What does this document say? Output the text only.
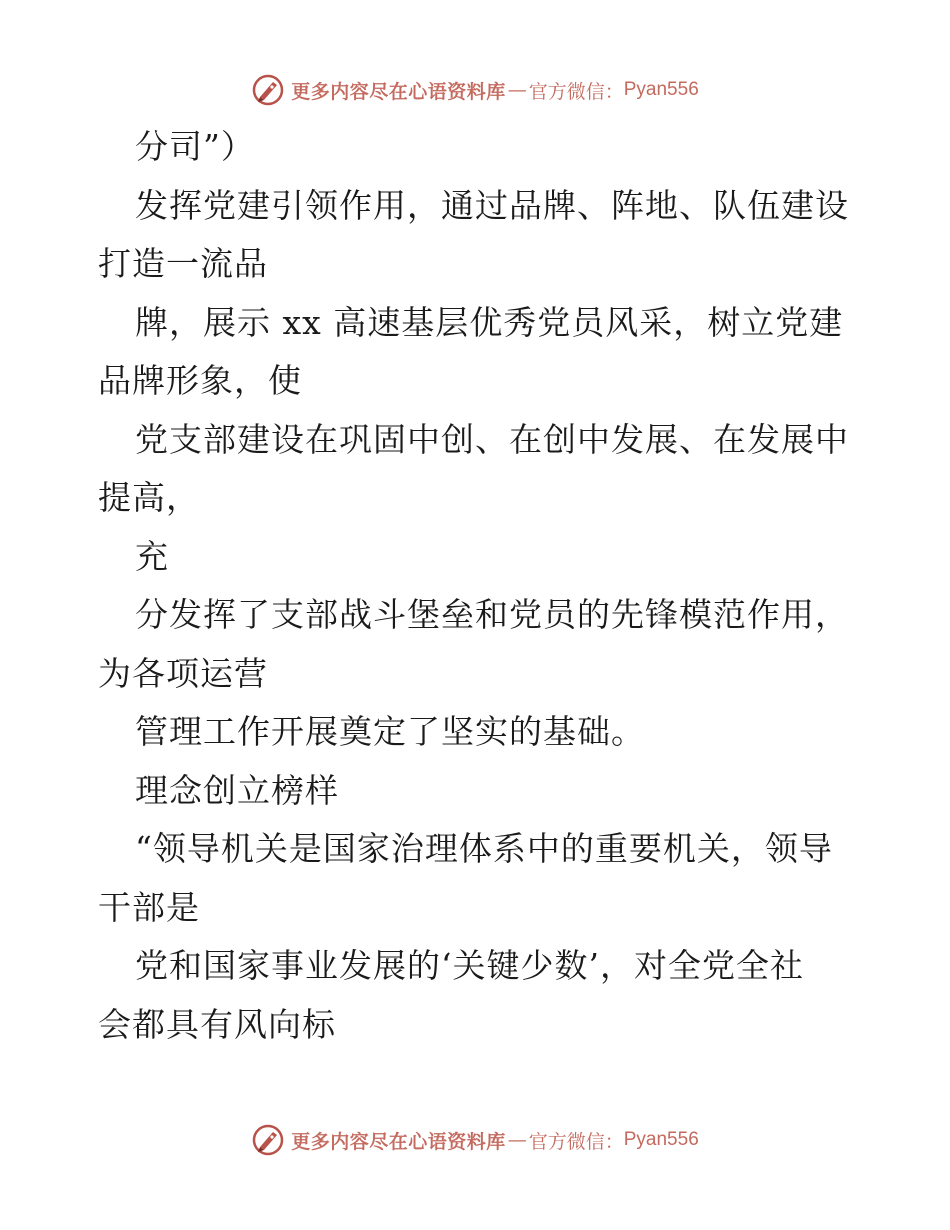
更多内容尽在心语资料库 — 官方微信： Pyan556
分司”）
发挥党建引领作用，通过品牌、阵地、队伍建设
打造一流品
牌，展示 xx 高速基层优秀党员风采，树立党建
品牌形象，使
党支部建设在巩固中创、在创中发展、在发展中
提高，
充
分发挥了支部战斗堡垒和党员的先锋模范作用，
为各项运营
管理工作开展奠定了坚实的基础。
理念创立榜样
“领导机关是国家治理体系中的重要机关，领导
干部是
党和国家事业发展的‘关键少数’，对全党全社
会都具有风向标
更多内容尽在心语资料库 — 官方微信： Pyan556
